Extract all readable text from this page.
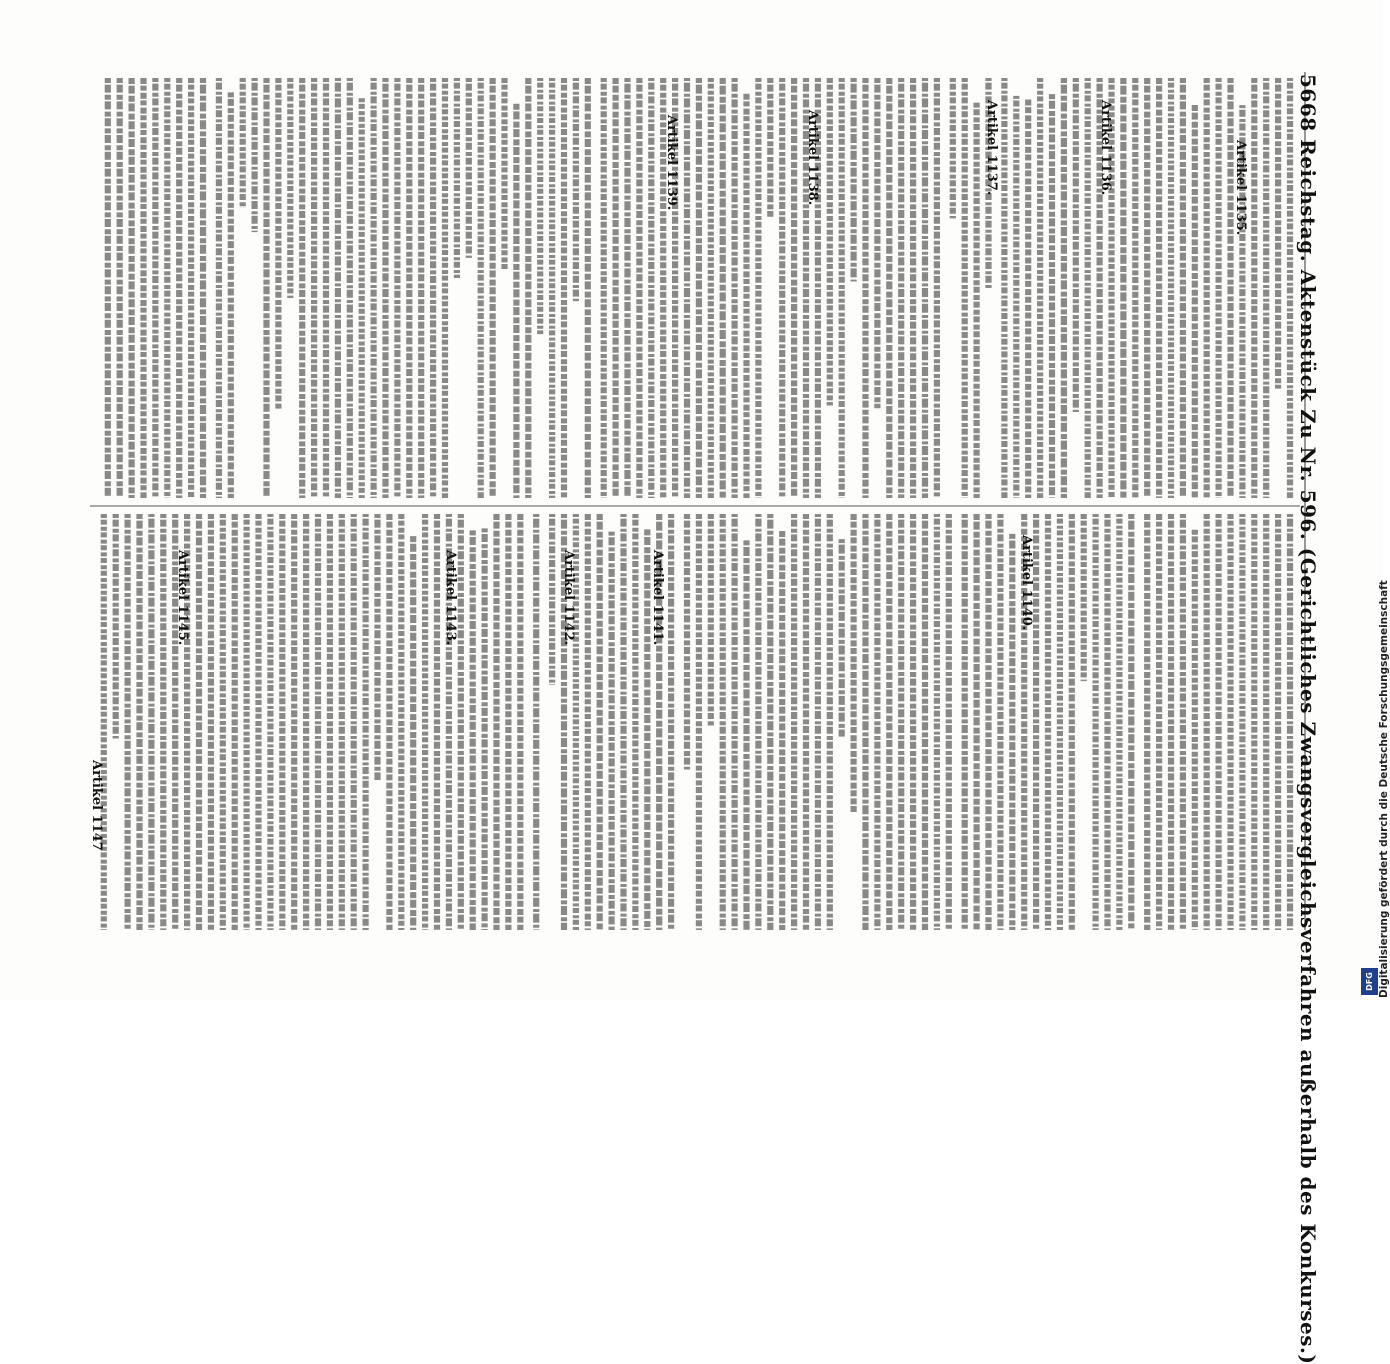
5668 Reichstag. Aktenstück Zu Nr. 596. (Gerichtliches Zwangsvergleichsverfahren außerhalb des Konkurses.)
Artikel 1135.
Artikel 1136.
Artikel 1137.
Artikel 1138.
Artikel 1139.
Artikel 1140.
Artikel 1141.
Artikel 1142.
Artikel 1143.
Artikel 1145.
Artikel 1147	Digitalisierung gefördert durch die Deutsche Forschungsgemeinschaft
DFG
